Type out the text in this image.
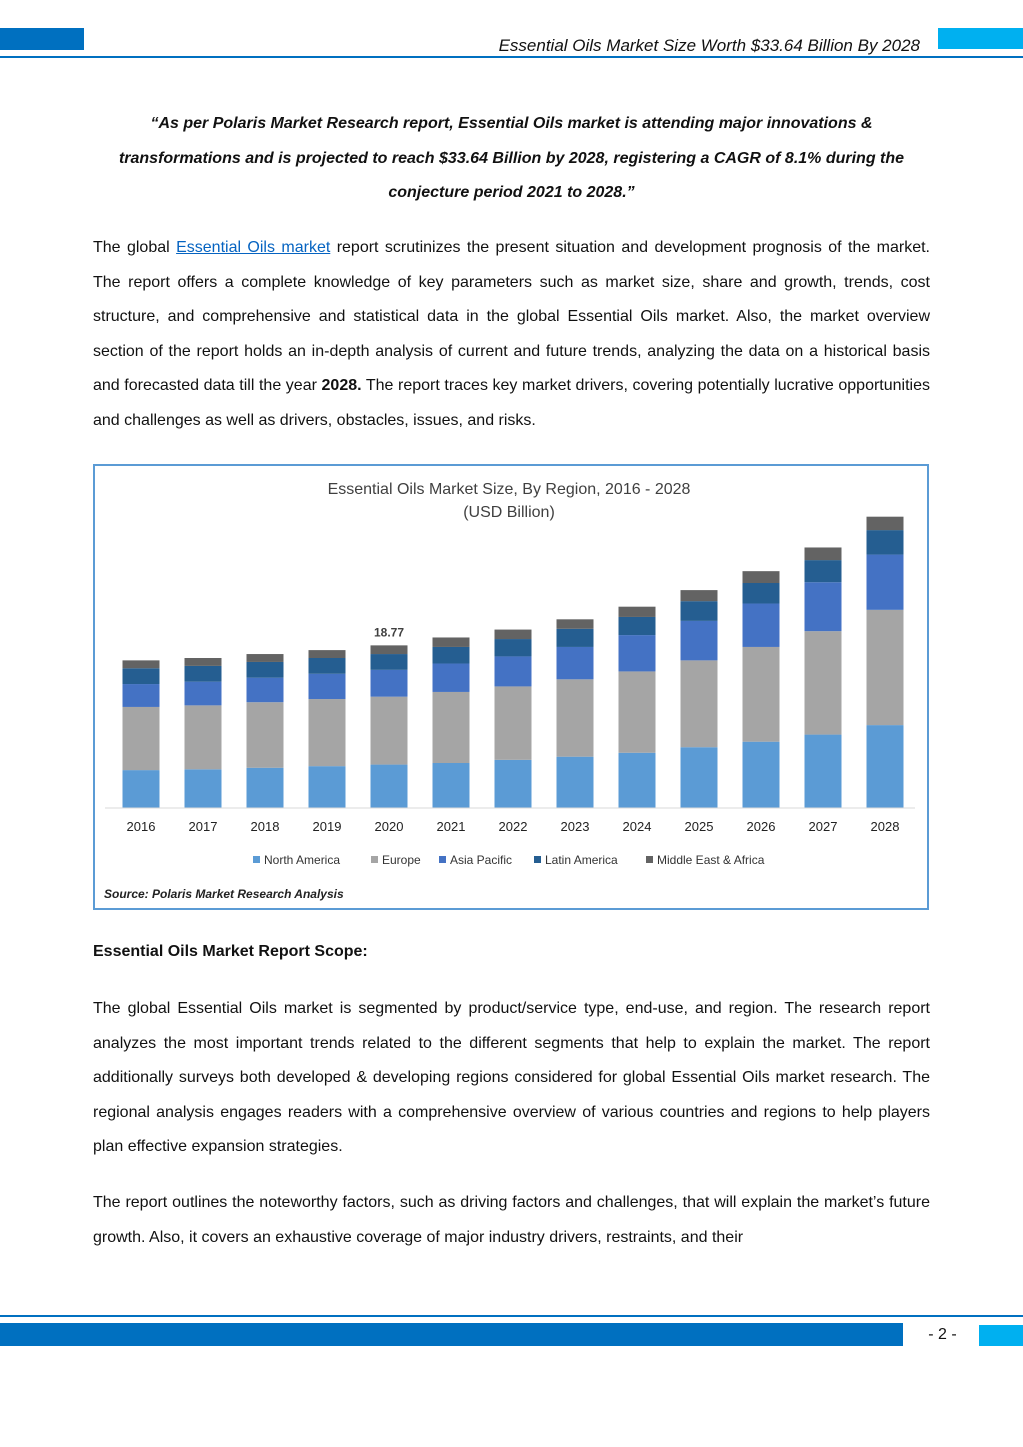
Essential Oils Market Size Worth $33.64 Billion By 2028
“As per Polaris Market Research report, Essential Oils market is attending major innovations &
transformations and is projected to reach $33.64 Billion by 2028, registering a CAGR of 8.1% during the
conjecture period 2021 to 2028.”

The global Essential Oils market report scrutinizes the present situation and development prognosis of the market. The report offers a complete knowledge of key parameters such as market size, share and growth, trends, cost structure, and comprehensive and statistical data in the global Essential Oils market. Also, the market overview section of the report holds an in-depth analysis of current and future trends, analyzing the data on a historical basis and forecasted data till the year 2028. The report traces key market drivers, covering potentially lucrative opportunities and challenges as well as drivers, obstacles, issues, and risks.

Essential Oils Market Size, By Region, 2016 - 2028
(USD Billion)
18.77
2016	2017	2018	2019	2020	2021	2022	2023	2024	2025	2026	2027	2028
North America	Europe Asia Pacific	Latin America	Middle East & Africa
Source: Polaris Market Research Analysis
Essential Oils Market Report Scope:

The global Essential Oils market is segmented by product/service type, end-use, and region. The research report analyzes the most important trends related to the different segments that help to explain the market. The report additionally surveys both developed & developing regions considered for global Essential Oils market research. The regional analysis engages readers with a comprehensive overview of various countries and regions to help players plan effective expansion strategies.

The report outlines the noteworthy factors, such as driving factors and challenges, that will explain the market’s future growth. Also, it covers an exhaustive coverage of major industry drivers, restraints, and their

- 2 -
